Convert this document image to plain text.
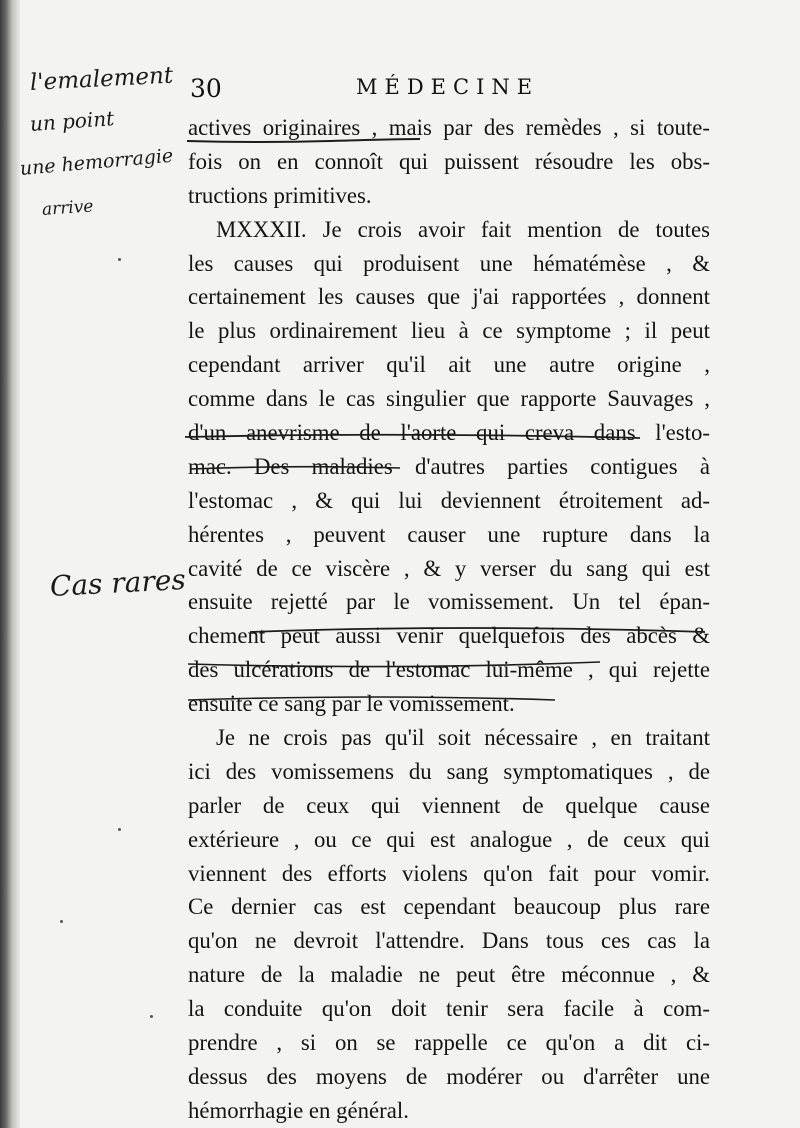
30	MÉDECINE
actives originaires , mais par des remèdes , si toute-
fois on en connoît qui puissent résoudre les obs-
tructions primitives.
MXXXII. Je crois avoir fait mention de toutes
les causes qui produisent une hématémèse , &
certainement les causes que j'ai rapportées , donnent
le plus ordinairement lieu à ce symptome ; il peut
cependant arriver qu'il ait une autre origine ,
comme dans le cas singulier que rapporte Sauvages ,
d'un anevrisme de l'aorte qui creva dans l'esto-
mac. Des maladies d'autres parties contigues à
l'estomac , & qui lui deviennent étroitement ad-
hérentes , peuvent causer une rupture dans la
cavité de ce viscère , & y verser du sang qui est
ensuite rejetté par le vomissement. Un tel épan-
chement peut aussi venir quelquefois des abcès &
des ulcérations de l'estomac lui-même , qui rejette
ensuite ce sang par le vomissement.
Je ne crois pas qu'il soit nécessaire , en traitant
ici des vomissemens du sang symptomatiques , de
parler de ceux qui viennent de quelque cause
extérieure , ou ce qui est analogue , de ceux qui
viennent des efforts violens qu'on fait pour vomir.
Ce dernier cas est cependant beaucoup plus rare
qu'on ne devroit l'attendre. Dans tous ces cas la
nature de la maladie ne peut être méconnue , &
la conduite qu'on doit tenir sera facile à com-
prendre , si on se rappelle ce qu'on a dit ci-
dessus des moyens de modérer ou d'arrêter une
hémorrhagie en général.
l'emalement
un point
une hemorragie
arrive
Cas rares
